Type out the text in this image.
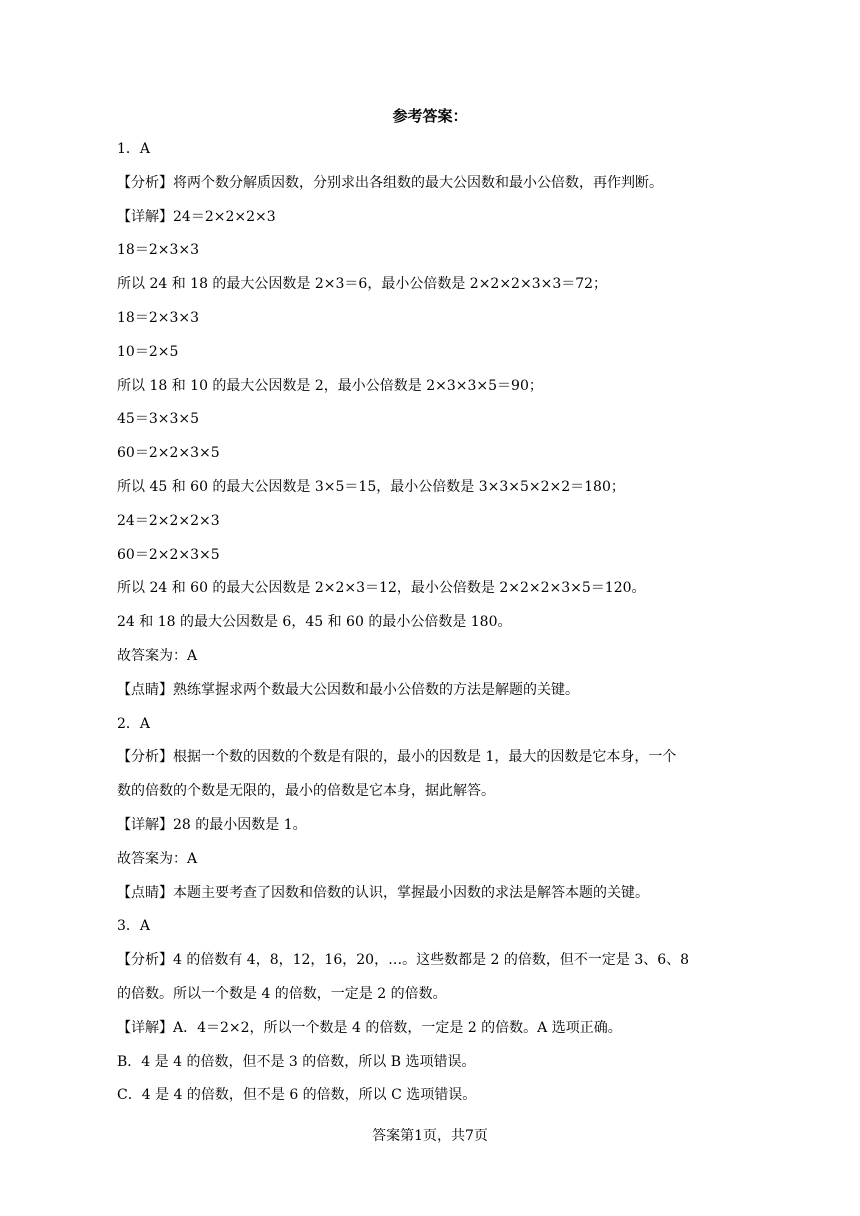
参考答案：

1．A

【分析】将两个数分解质因数，分别求出各组数的最大公因数和最小公倍数，再作判断。

【详解】24＝2×2×2×3

18＝2×3×3

所以 24 和 18 的最大公因数是 2×3＝6，最小公倍数是 2×2×2×3×3＝72；

18＝2×3×3

10＝2×5

所以 18 和 10 的最大公因数是 2，最小公倍数是 2×3×3×5＝90；

45＝3×3×5

60＝2×2×3×5

所以 45 和 60 的最大公因数是 3×5＝15，最小公倍数是 3×3×5×2×2＝180；

24＝2×2×2×3

60＝2×2×3×5

所以 24 和 60 的最大公因数是 2×2×3＝12，最小公倍数是 2×2×2×3×5＝120。

24 和 18 的最大公因数是 6，45 和 60 的最小公倍数是 180。

故答案为：A

【点睛】熟练掌握求两个数最大公因数和最小公倍数的方法是解题的关键。

2．A

【分析】根据一个数的因数的个数是有限的，最小的因数是 1，最大的因数是它本身，一个

数的倍数的个数是无限的，最小的倍数是它本身，据此解答。

【详解】28 的最小因数是 1。

故答案为：A

【点睛】本题主要考查了因数和倍数的认识，掌握最小因数的求法是解答本题的关键。

3．A

【分析】4 的倍数有 4，8，12，16，20，…。这些数都是 2 的倍数，但不一定是 3、6、8

的倍数。所以一个数是 4 的倍数，一定是 2 的倍数。

【详解】A．4＝2×2，所以一个数是 4 的倍数，一定是 2 的倍数。A 选项正确。

B．4 是 4 的倍数，但不是 3 的倍数，所以 B 选项错误。

C．4 是 4 的倍数，但不是 6 的倍数，所以 C 选项错误。

答案第1页，共7页
